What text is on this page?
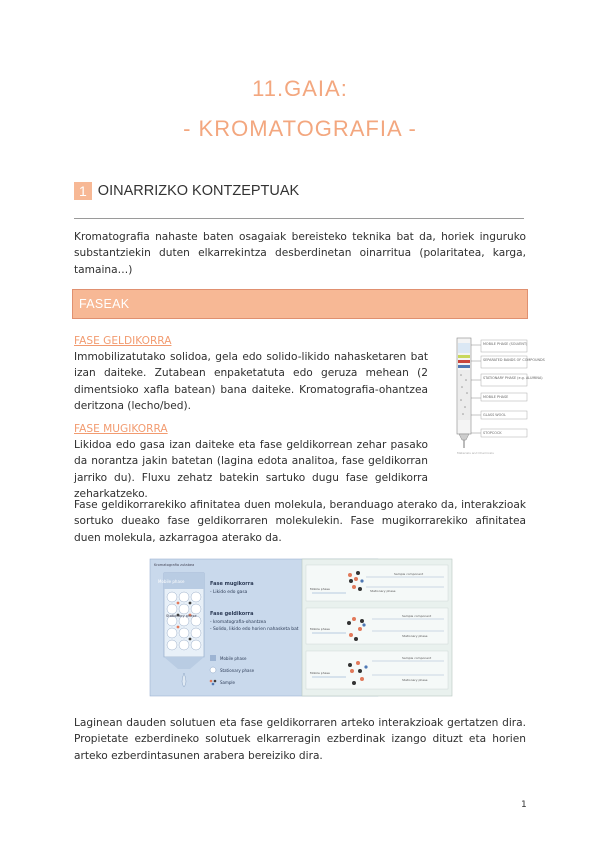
11.GAIA:
- KROMATOGRAFIA -
1 OINARRIZKO KONTZEPTUAK

Kromatografia nahaste baten osagaiak bereisteko teknika bat da, horiek inguruko substantziekin duten elkarrekintza desberdinetan oinarritua (polaritatea, karga, tamaina…)

FASEAK
FASE GELDIKORRA

Immobilizatutako solidoa, gela edo solido-likido nahasketaren bat izan daiteke. Zutabean enpaketatuta edo geruza mehean (2 dimentsioko xafla batean) bana daiteke. Kromatografia-ohantzea deritzona (lecho/bed).

FASE MUGIKORRA

Likidoa edo gasa izan daiteke eta fase geldikorrean zehar pasako da norantza jakin batetan (lagina edota analitoa, fase geldikorran jarriko du). Fluxu zehatz batekin sartuko dugu fase geldikorra zeharkatzeko.

MOBILE PHASE (SOLVENT)
SEPARATED BANDS OF COMPOUNDS
STATIONARY PHASE (e.g. ALUMINA)
MOBILE PHASE
GLASS WOOL
STOPCOCK
Materials and Chemicals

Fase geldikorrarekiko afinitatea duen molekula, beranduago aterako da, interakzioak sortuko dueako fase geldikorraren molekulekin. Fase mugikorrarekiko afinitatea duen molekula, azkarragoa aterako da.

Kromatografia zutabea
Mobile phase
Stationary phase
Fase mugikorra
- Likido edo gasa
Fase geldikorra
- kromatografia-ohantzea
- Solido, likido edo horien nahasketa bat
Mobile phase
Stationary phase
Sample
Mobile phase
Sample component
Stationary phase
Mobile phase
Sample component
Stationary phase
Mobile phase
Sample component
Stationary phase

Laginean dauden solutuen eta fase geldikorraren arteko interakzioak gertatzen dira. Propietate ezberdineko solutuek elkarreragin ezberdinak izango dituzt eta horien arteko ezberdintasunen arabera bereiziko dira.

1
